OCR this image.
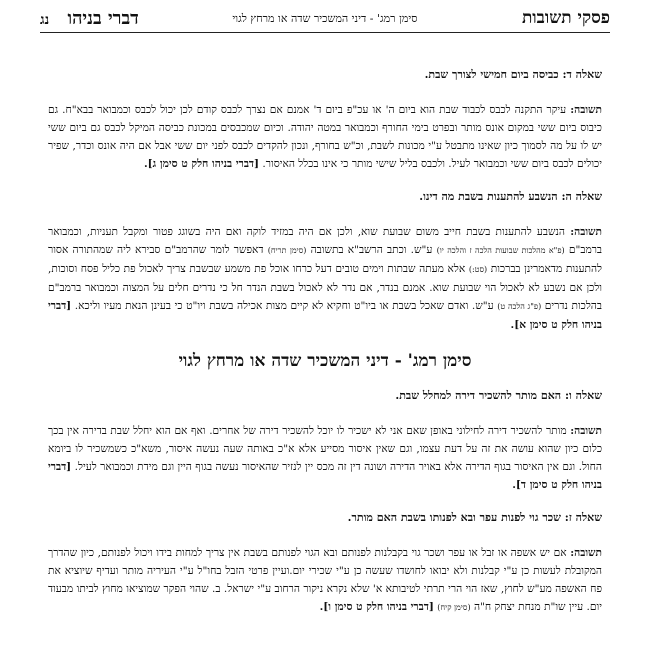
דברי בניהו נג	סימן רמג' - דיני המשכיר שדה או מרחץ לגוי	פסקי תשובות
שאלה ד: כביסה ביום חמישי לצורך שבת.

תשובה: עיקר התקנה לכבס לכבוד שבת הוא ביום ה' או עכ"פ ביום ד' אמנם אם נצרך לכבס קודם לכן יכול לכבס וכמבואר בבא"ח. גם כיבוס ביום ששי במקום אונס מותר ובפרט בימי החורף וכמבואר במטה יהודה. וכיום שמכבסים במכונת כביסה המיקל לכבס גם ביום ששי יש לו על מה לסמוך כיון שאינו מתבטל ע"י מכונות לשבת, וכ"ש בחורף, ונכון להקדים לכבס לפני יום ששי אבל אם היה אונס וכדר, שפיר יכולים לכבס ביום ששי וכמבואר לעיל. ולכבס בליל שישי מותר כי אינו בכלל האיסור. [דברי בניהו חלק ט סימן ג].

שאלה ה: הנשבע להתענות בשבת מה דינו.

תשובה: הנשבע להתענות בשבת חייב משום שבועת שוא, ולכן אם היה במזיד לוקה ואם היה בשוגג פטור ומקבל תעניות, וכמבואר ברמב"ם (פ"א מהלכות שבועות הלכה ז והלכה יו) ע"ש. וכתב הרשב"א בתשובה (סימן תריח) דאפשר לומר שהרמב"ם סבירא ליה שמהתורה אסור להתענות מדאמרינן בברכות (סט:) אלא מעתה שבתות וימים טובים דעל כרחו אוכל פת משמע שבשבת צריך לאכול פת כליל פסח וסוכות, ולכן אם נשבע לא לאכול הוי שבועת שוא. אמנם בנדר, אם נדר לא לאכול בשבת הנדר חל כי נדרים חלים על המצוה וכמבואר ברמב"ם בהלכות נדרים (פ"ג הלכה ט) ע"ש. ואדם שאכל בשבת או ביו"ט וחקיא לא קיים מצות אכילה בשבת ויו"ט כי בעינן הנאת מעיו וליכא. [דברי בניהו חלק ט סימן א].

סימן רמג' - דיני המשכיר שדה או מרחץ לגוי
שאלה ו: האם מותר להשכיר דירה למחלל שבת.

תשובה: מותר להשכיר דירה לחילוני באופן שאם אני לא ישכיר לו יוכל להשכיר דירה של אחרים. ואף אם הוא יחלל שבת בדירה אין בכך כלום כיון שהוא עושה את זה על דעת עצמו, וגם שאין איסור מסייע אלא א"כ באותה שעה נעשה איסור, משא"כ כשמשכיר לו ביומא החול. וגם אין האיסור בגוף הדירה אלא באויר הדירה ושונה דין זה מכס יין לנזיר שהאיסור נעשה בגוף היין וגם מידת וכמבואר לעיל. [דברי בניהו חלק ט סימן ד].

שאלה ז: שכר גוי לפנות עפר ובא לפנותו בשבת האם מותר.

תשובה: אם יש אשפה או זבל או עפר ושכר גוי בקבלנות לפנותם ובא הגוי לפנותם בשבת אין צריך למחות בידו ויכול לפנותם, כיון שהדרך המקובלת לעשות כן ע"י קבלנות ולא יבואו לחושדו שעשה כן ע"י שכירי יום.ועיין פרטי הזבל בחו"ל ע"י העיריה מותר ועדיף שיוציא את פח האשפה מע"ש לחוץ, שאז הוי הרי תרתי לטיבותא א' שלא נקרא ניקור הרחוב ע"י ישראל. ב. שהוי הפקר שמוציאו מחוץ לביתו מבעוד יום. עיין שו"ת מנחת יצחק ח"ה (סימן קיח) [דברי בניהו חלק ט סימן ו].
